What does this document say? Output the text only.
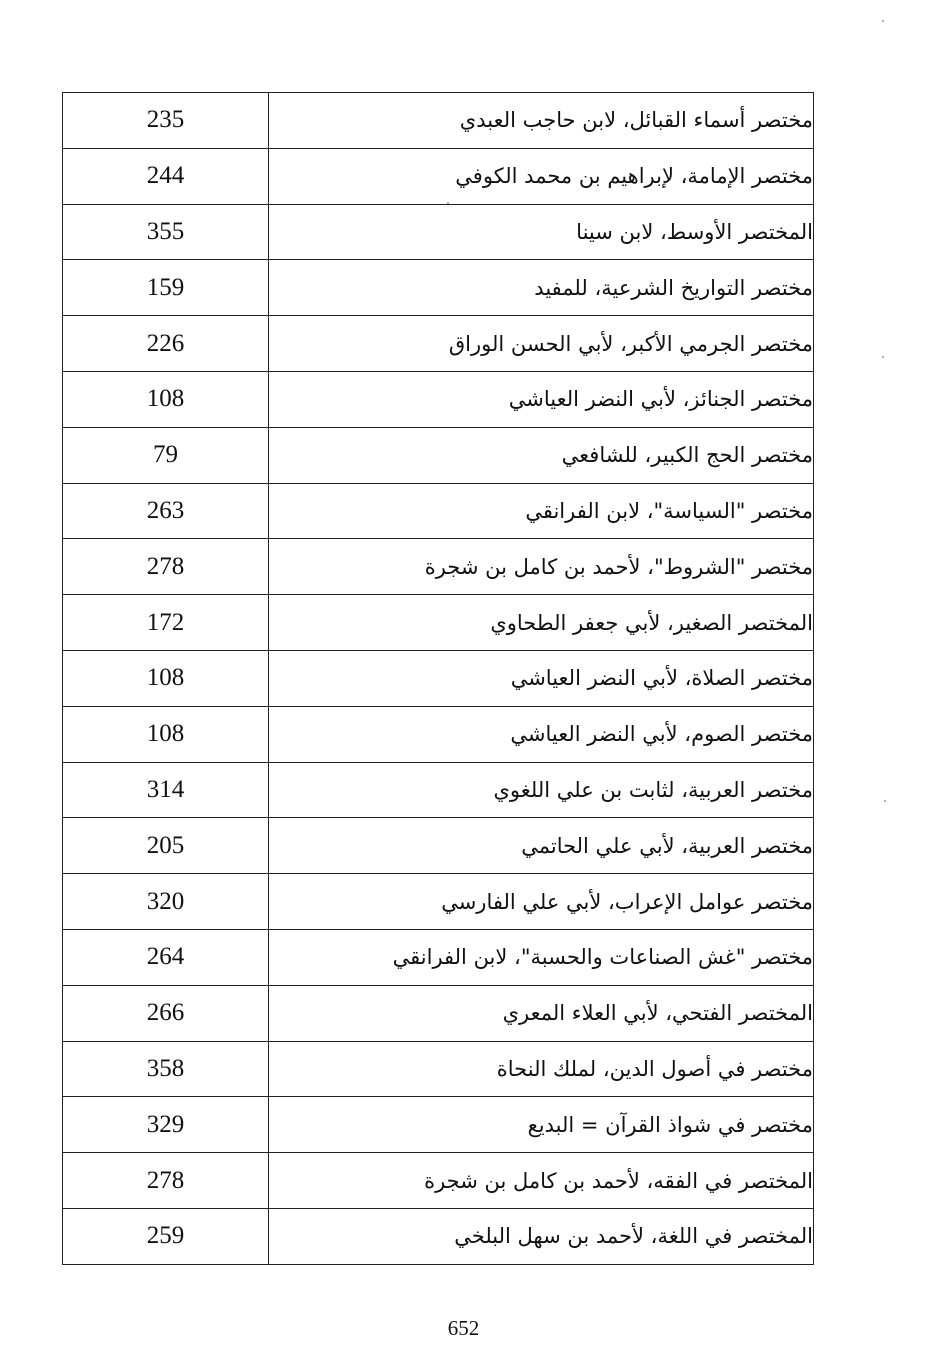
235	مختصر أسماء القبائل، لابن حاجب العبدي
244	مختصر الإمامة، لإبراهيم بن محمد الكوفي
355	المختصر الأوسط، لابن سينا
159	مختصر التواريخ الشرعية، للمفيد
226	مختصر الجرمي الأكبر، لأبي الحسن الوراق
108	مختصر الجنائز، لأبي النضر العياشي
79	مختصر الحج الكبير، للشافعي
263	مختصر "السياسة"، لابن الفرانقي
278	مختصر "الشروط"، لأحمد بن كامل بن شجرة
172	المختصر الصغير، لأبي جعفر الطحاوي
108	مختصر الصلاة، لأبي النضر العياشي
108	مختصر الصوم، لأبي النضر العياشي
314	مختصر العربية، لثابت بن علي اللغوي
205	مختصر العربية، لأبي علي الحاتمي
320	مختصر عوامل الإعراب، لأبي علي الفارسي
264	مختصر "غش الصناعات والحسبة"، لابن الفرانقي
266	المختصر الفتحي، لأبي العلاء المعري
358	مختصر في أصول الدين، لملك النحاة
329	مختصر في شواذ القرآن = البديع
278	المختصر في الفقه، لأحمد بن كامل بن شجرة
259	المختصر في اللغة، لأحمد بن سهل البلخي
652
